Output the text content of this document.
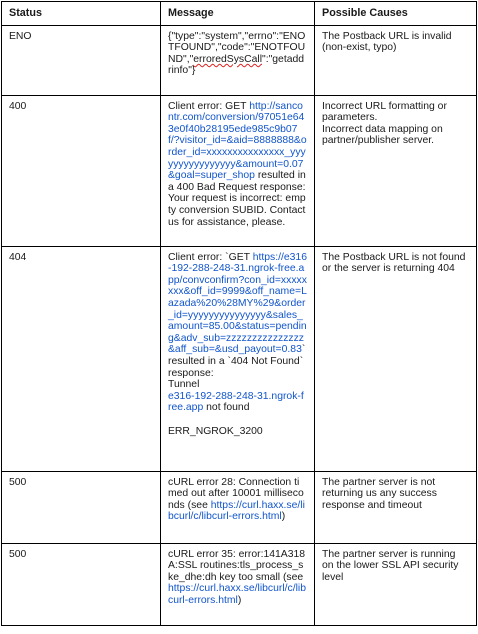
Status	Message	Possible Causes
ENO	{"type":"system","errno":"ENOTFOUND","code":"ENOTFOUND","erroredSysCall":"getaddrinfo"}	The Postback URL is invalid (non-exist, typo)
400	Client error: GET http://sancontr.com/conversion/97051e643e0f40b28195ede985c9b07f/?visitor_id=&aid=8888888&order_id=xxxxxxxxxxxxxxx_yyyyyyyyyyyyyyyy&amount=0.07&goal=super_shop resulted in a 400 Bad Request response: Your request is incorrect: empty conversion SUBID. Contact us for assistance, please.	Incorrect URL formatting or parameters.
Incorrect data mapping on partner/publisher server.
404	Client error: `GET https://e316-192-288-248-31.ngrok-free.app/convconfirm?con_id=xxxxxxxx&off_id=9999&off_name=Lazada%20%28MY%29&order_id=yyyyyyyyyyyyyyy&sales_amount=85.00&status=pending&adv_sub=zzzzzzzzzzzzzzz&aff_sub=&usd_payout=0.83` resulted in a `404 Not Found` response:
Tunnel
e316-192-288-248-31.ngrok-free.app not found

ERR_NGROK_3200	The Postback URL is not found or the server is returning 404
500	cURL error 28: Connection timed out after 10001 milliseconds (see https://curl.haxx.se/libcurl/c/libcurl-errors.html)	The partner server is not returning us any success response and timeout
500	cURL error 35: error:141A318A:SSL routines:tls_process_ske_dhe:dh key too small (see https://curl.haxx.se/libcurl/c/libcurl-errors.html)	The partner server is running on the lower SSL API security level
